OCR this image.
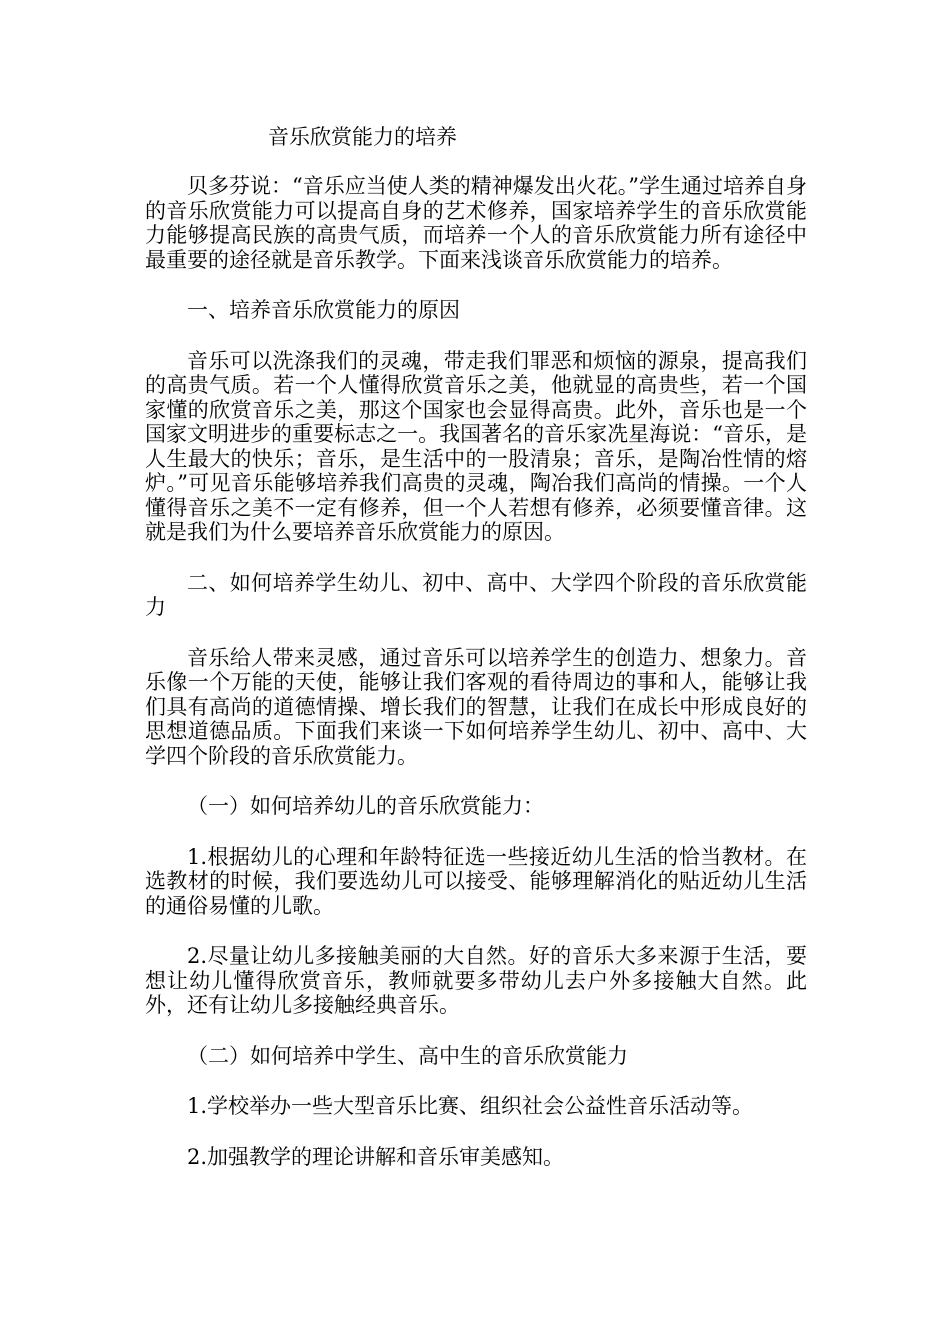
音乐欣赏能力的培养

贝多芬说：“音乐应当使人类的精神爆发出火花。”学生通过培养自身的音乐欣赏能力可以提高自身的艺术修养，国家培养学生的音乐欣赏能力能够提高民族的高贵气质，而培养一个人的音乐欣赏能力所有途径中最重要的途径就是音乐教学。下面来浅谈音乐欣赏能力的培养。

一、培养音乐欣赏能力的原因

音乐可以洗涤我们的灵魂，带走我们罪恶和烦恼的源泉，提高我们的高贵气质。若一个人懂得欣赏音乐之美，他就显的高贵些，若一个国家懂的欣赏音乐之美，那这个国家也会显得高贵。此外，音乐也是一个国家文明进步的重要标志之一。我国著名的音乐家冼星海说：“音乐，是人生最大的快乐；音乐，是生活中的一股清泉；音乐，是陶冶性情的熔炉。”可见音乐能够培养我们高贵的灵魂，陶冶我们高尚的情操。一个人懂得音乐之美不一定有修养，但一个人若想有修养，必须要懂音律。这就是我们为什么要培养音乐欣赏能力的原因。

二、如何培养学生幼儿、初中、高中、大学四个阶段的音乐欣赏能力

音乐给人带来灵感，通过音乐可以培养学生的创造力、想象力。音乐像一个万能的天使，能够让我们客观的看待周边的事和人，能够让我们具有高尚的道德情操、增长我们的智慧，让我们在成长中形成良好的思想道德品质。下面我们来谈一下如何培养学生幼儿、初中、高中、大学四个阶段的音乐欣赏能力。

（一）如何培养幼儿的音乐欣赏能力：

1.根据幼儿的心理和年龄特征选一些接近幼儿生活的恰当教材。在选教材的时候，我们要选幼儿可以接受、能够理解消化的贴近幼儿生活的通俗易懂的儿歌。

2.尽量让幼儿多接触美丽的大自然。好的音乐大多来源于生活，要想让幼儿懂得欣赏音乐，教师就要多带幼儿去户外多接触大自然。此外，还有让幼儿多接触经典音乐。

（二）如何培养中学生、高中生的音乐欣赏能力

1.学校举办一些大型音乐比赛、组织社会公益性音乐活动等。

2.加强教学的理论讲解和音乐审美感知。
